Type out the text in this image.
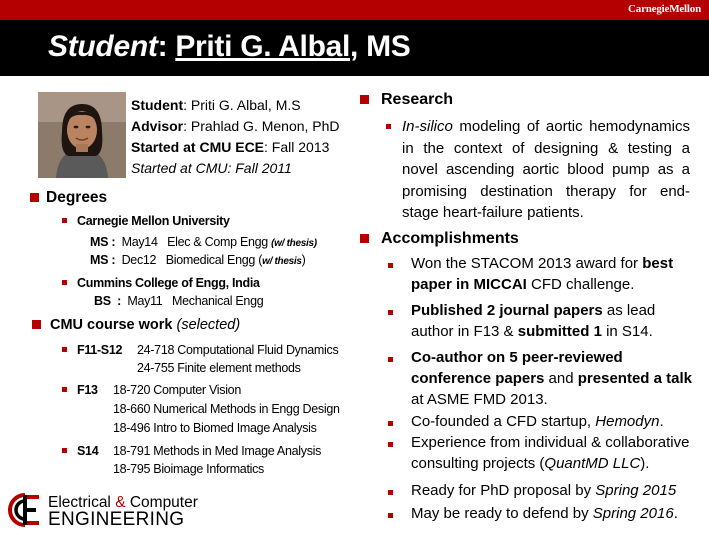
CarnegieMellon
Student: Priti G. Albal, MS
Student: Priti G. Albal, M.S
Advisor: Prahlad G. Menon, PhD
Started at CMU ECE: Fall 2013
Started at CMU: Fall 2011
Degrees
Carnegie Mellon University
MS : May14 Elec & Comp Engg (w/ thesis)
MS : Dec12 Biomedical Engg (w/ thesis)
Cummins College of Engg, India
BS : May11 Mechanical Engg
CMU course work (selected)
F11-S12 24-718 Computational Fluid Dynamics
24-755 Finite element methods
F13 18-720 Computer Vision
18-660 Numerical Methods in Engg Design
18-496 Intro to Biomed Image Analysis
S14 18-791 Methods in Med Image Analysis
18-795 Bioimage Informatics
Research
In-silico modeling of aortic hemodynamics in the context of designing & testing a novel ascending aortic blood pump as a promising destination therapy for end-stage heart-failure patients.
Accomplishments
Won the STACOM 2013 award for best
paper in MICCAI CFD challenge.
Published 2 journal papers as lead
author in F13 & submitted 1 in S14.
Co-author on 5 peer-reviewed
conference papers and presented a talk
at ASME FMD 2013.
Co-founded a CFD startup, Hemodyn.
Experience from individual & collaborative
consulting projects (QuantMD LLC).
Ready for PhD proposal by Spring 2015
May be ready to defend by Spring 2016.
Electrical & Computer
ENGINEERING
